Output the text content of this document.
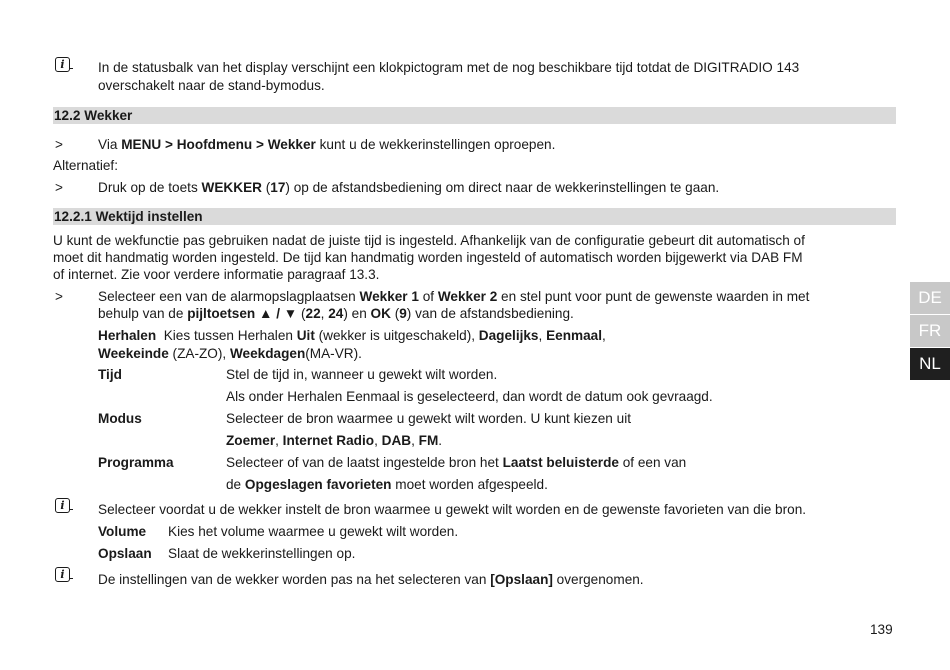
i In de statusbalk van het display verschijnt een klokpictogram met de nog beschikbare tijd totdat de DIGITRADIO 143
overschakelt naar de stand-bymodus.
12.2 Wekker
>	Via MENU > Hoofdmenu > Wekker kunt u de wekkerinstellingen oproepen.
Alternatief:
>	Druk op de toets WEKKER (17) op de afstandsbediening om direct naar de wekkerinstellingen te gaan.
12.2.1 Wektijd instellen
U kunt de wekfunctie pas gebruiken nadat de juiste tijd is ingesteld. Afhankelijk van de configuratie gebeurt dit automatisch of
moet dit handmatig worden ingesteld. De tijd kan handmatig worden ingesteld of automatisch worden bijgewerkt via DAB FM
of internet. Zie voor verdere informatie paragraaf 13.3.
>	Selecteer een van de alarmopslagplaatsen Wekker 1 of Wekker 2 en stel punt voor punt de gewenste waarden in met
behulp van de pijltoetsen ▲ / ▼ (22, 24) en OK (9) van de afstandsbediening.
Herhalen  Kies tussen Herhalen Uit (wekker is uitgeschakeld), Dagelijks, Eenmaal,
Weekeinde (ZA-ZO), Weekdagen(MA-VR).
Tijd	Stel de tijd in, wanneer u gewekt wilt worden.
Als onder Herhalen Eenmaal is geselecteerd, dan wordt de datum ook gevraagd.
Modus	Selecteer de bron waarmee u gewekt wilt worden. U kunt kiezen uit
Zoemer, Internet Radio, DAB, FM.
Programma	Selecteer of van de laatst ingestelde bron het Laatst beluisterde of een van
de Opgeslagen favorieten moet worden afgespeeld.
i Selecteer voordat u de wekker instelt de bron waarmee u gewekt wilt worden en de gewenste favorieten van die bron.
Volume Kies het volume waarmee u gewekt wilt worden.
Opslaan Slaat de wekkerinstellingen op.
i De instellingen van de wekker worden pas na het selecteren van [Opslaan] overgenomen.
DE
FR
NL
139
